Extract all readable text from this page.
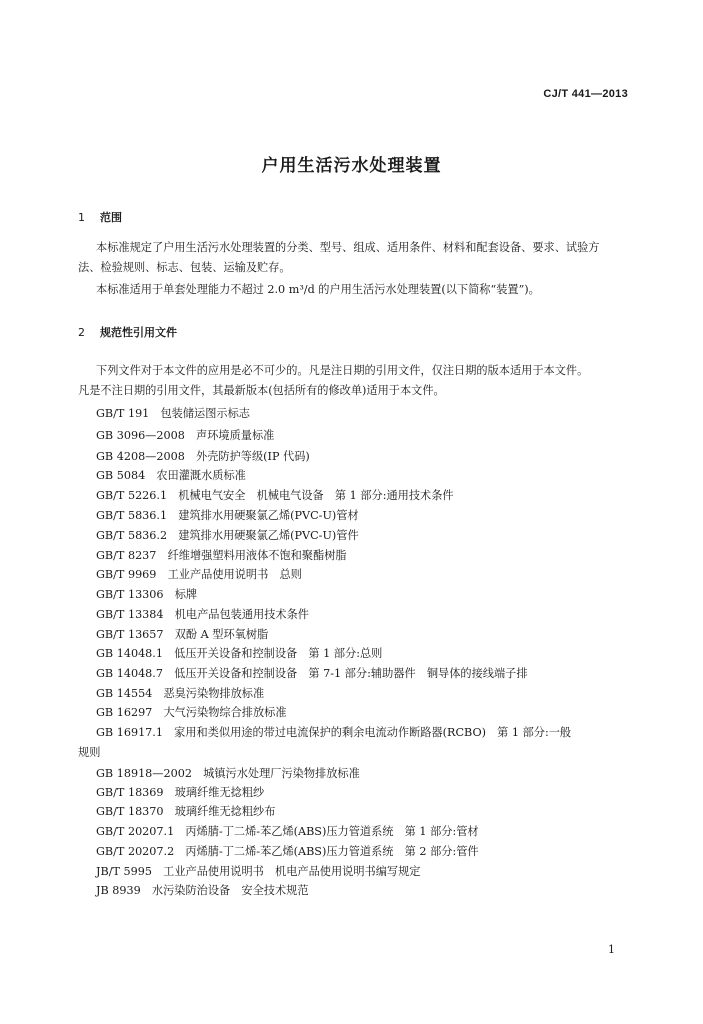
CJ/T 441—2013
户用生活污水处理装置
1 范围
本标准规定了户用生活污水处理装置的分类、型号、组成、适用条件、材料和配套设备、要求、试验方
法、检验规则、标志、包装、运输及贮存。
本标准适用于单套处理能力不超过 2.0 m³/d 的户用生活污水处理装置(以下简称“装置”)。
2 规范性引用文件
下列文件对于本文件的应用是必不可少的。凡是注日期的引用文件，仅注日期的版本适用于本文件。
凡是不注日期的引用文件，其最新版本(包括所有的修改单)适用于本文件。
GB/T 191　包装储运图示标志
GB 3096—2008　声环境质量标准
GB 4208—2008　外壳防护等级(IP 代码)
GB 5084　农田灌溉水质标准
GB/T 5226.1　机械电气安全　机械电气设备　第 1 部分:通用技术条件
GB/T 5836.1　建筑排水用硬聚氯乙烯(PVC-U)管材
GB/T 5836.2　建筑排水用硬聚氯乙烯(PVC-U)管件
GB/T 8237　纤维增强塑料用液体不饱和聚酯树脂
GB/T 9969　工业产品使用说明书　总则
GB/T 13306　标牌
GB/T 13384　机电产品包装通用技术条件
GB/T 13657　双酚 A 型环氧树脂
GB 14048.1　低压开关设备和控制设备　第 1 部分:总则
GB 14048.7　低压开关设备和控制设备　第 7-1 部分:辅助器件　铜导体的接线端子排
GB 14554　恶臭污染物排放标准
GB 16297　大气污染物综合排放标准
GB 16917.1　家用和类似用途的带过电流保护的剩余电流动作断路器(RCBO)　第 1 部分:一般
规则
GB 18918—2002　城镇污水处理厂污染物排放标准
GB/T 18369　玻璃纤维无捻粗纱
GB/T 18370　玻璃纤维无捻粗纱布
GB/T 20207.1　丙烯腈-丁二烯-苯乙烯(ABS)压力管道系统　第 1 部分:管材
GB/T 20207.2　丙烯腈-丁二烯-苯乙烯(ABS)压力管道系统　第 2 部分:管件
JB/T 5995　工业产品使用说明书　机电产品使用说明书编写规定
JB 8939　水污染防治设备　安全技术规范
1
